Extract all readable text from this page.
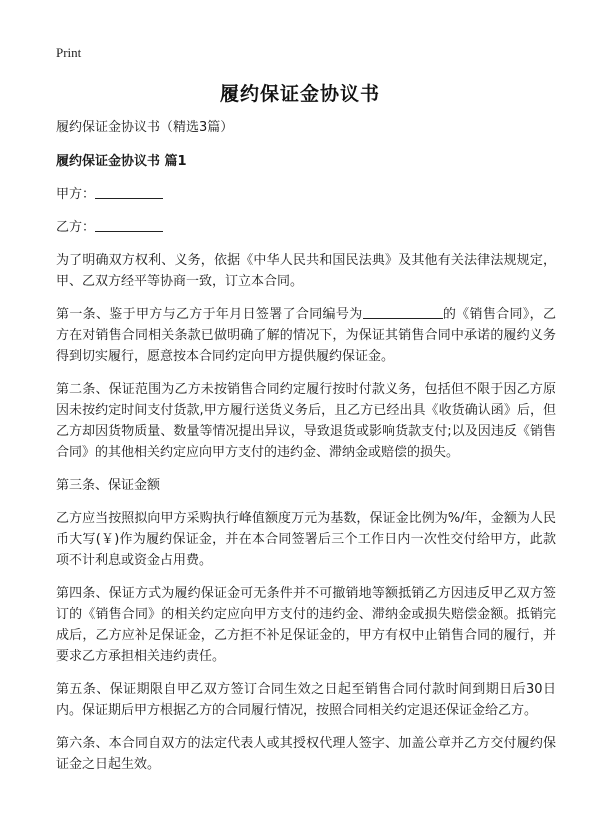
Print
履约保证金协议书

履约保证金协议书（精选3篇）

履约保证金协议书 篇1

甲方：

乙方：

为了明确双方权利、义务，依据《中华人民共和国民法典》及其他有关法律法规规定，甲、乙双方经平等协商一致，订立本合同。

第一条、鉴于甲方与乙方于年月日签署了合同编号为	的《销售合同》，乙方在对销售合同相关条款已做明确了解的情况下，为保证其销售合同中承诺的履约义务得到切实履行，愿意按本合同约定向甲方提供履约保证金。

第二条、保证范围为乙方未按销售合同约定履行按时付款义务，包括但不限于因乙方原因未按约定时间支付货款,甲方履行送货义务后，且乙方已经出具《收货确认函》后，但乙方却因货物质量、数量等情况提出异议，导致退货或影响货款支付;以及因违反《销售合同》的其他相关约定应向甲方支付的违约金、滞纳金或赔偿的损失。

第三条、保证金额

乙方应当按照拟向甲方采购执行峰值额度万元为基数，保证金比例为%/年，金额为人民币大写(￥)作为履约保证金，并在本合同签署后三个工作日内一次性交付给甲方，此款项不计利息或资金占用费。

第四条、保证方式为履约保证金可无条件并不可撤销地等额抵销乙方因违反甲乙双方签订的《销售合同》的相关约定应向甲方支付的违约金、滞纳金或损失赔偿金额。抵销完成后，乙方应补足保证金，乙方拒不补足保证金的，甲方有权中止销售合同的履行，并要求乙方承担相关违约责任。

第五条、保证期限自甲乙双方签订合同生效之日起至销售合同付款时间到期日后30日内。保证期后甲方根据乙方的合同履行情况，按照合同相关约定退还保证金给乙方。

第六条、本合同自双方的法定代表人或其授权代理人签字、加盖公章并乙方交付履约保证金之日起生效。
